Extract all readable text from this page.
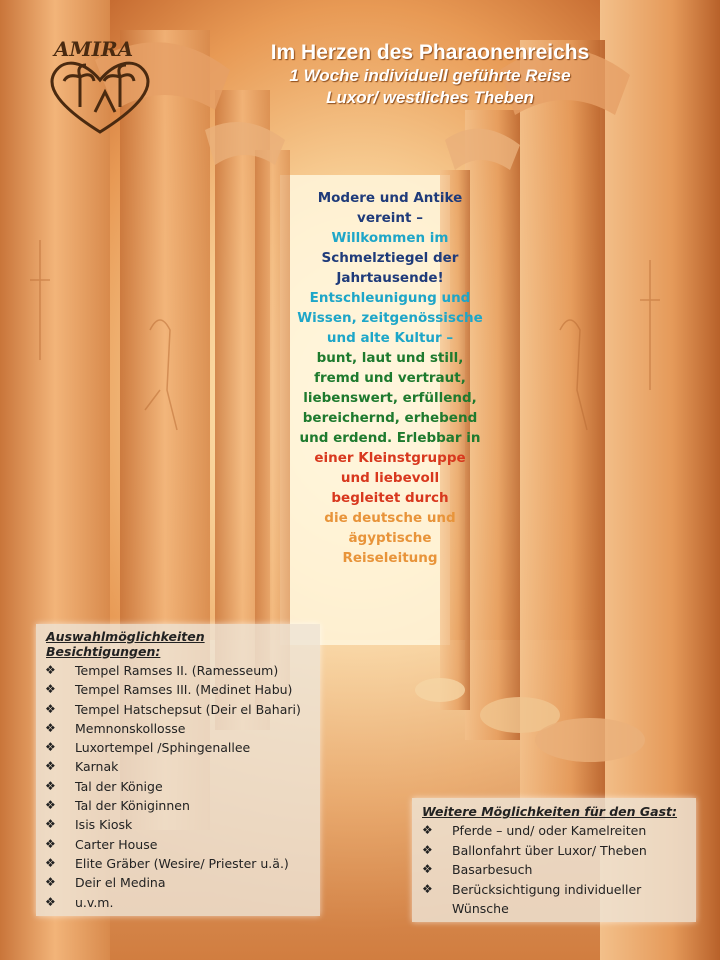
AMIRA	Im Herzen des Pharaonenreichs
1 Woche individuell geführte Reise
Luxor/ westliches Theben
Modere und Antike
vereint –
Willkommen im
Schmelztiegel der
Jahrtausende!
Entschleunigung und
Wissen, zeitgenössische
und alte Kultur –
bunt, laut und still,
fremd und vertraut,
liebenswert, erfüllend,
bereichernd, erhebend
und erdend. Erlebbar in
einer Kleinstgruppe
und liebevoll
begleitet durch
die deutsche und
ägyptische
Reiseleitung
Auswahlmöglichkeiten Besichtigungen:
❖ Tempel Ramses II. (Ramesseum)
❖ Tempel Ramses III. (Medinet Habu)
❖ Tempel Hatschepsut (Deir el Bahari)
❖ Memnonskollosse
❖ Luxortempel /Sphingenallee
❖ Karnak
❖ Tal der Könige
❖ Tal der Königinnen
❖ Isis Kiosk
❖ Carter House
❖ Elite Gräber (Wesire/ Priester u.ä.)
❖ Deir el Medina
❖ u.v.m.
Weitere Möglichkeiten für den Gast:
❖ Pferde – und/ oder Kamelreiten
❖ Ballonfahrt über Luxor/ Theben
❖ Basarbesuch
❖ Berücksichtigung individueller Wünsche
